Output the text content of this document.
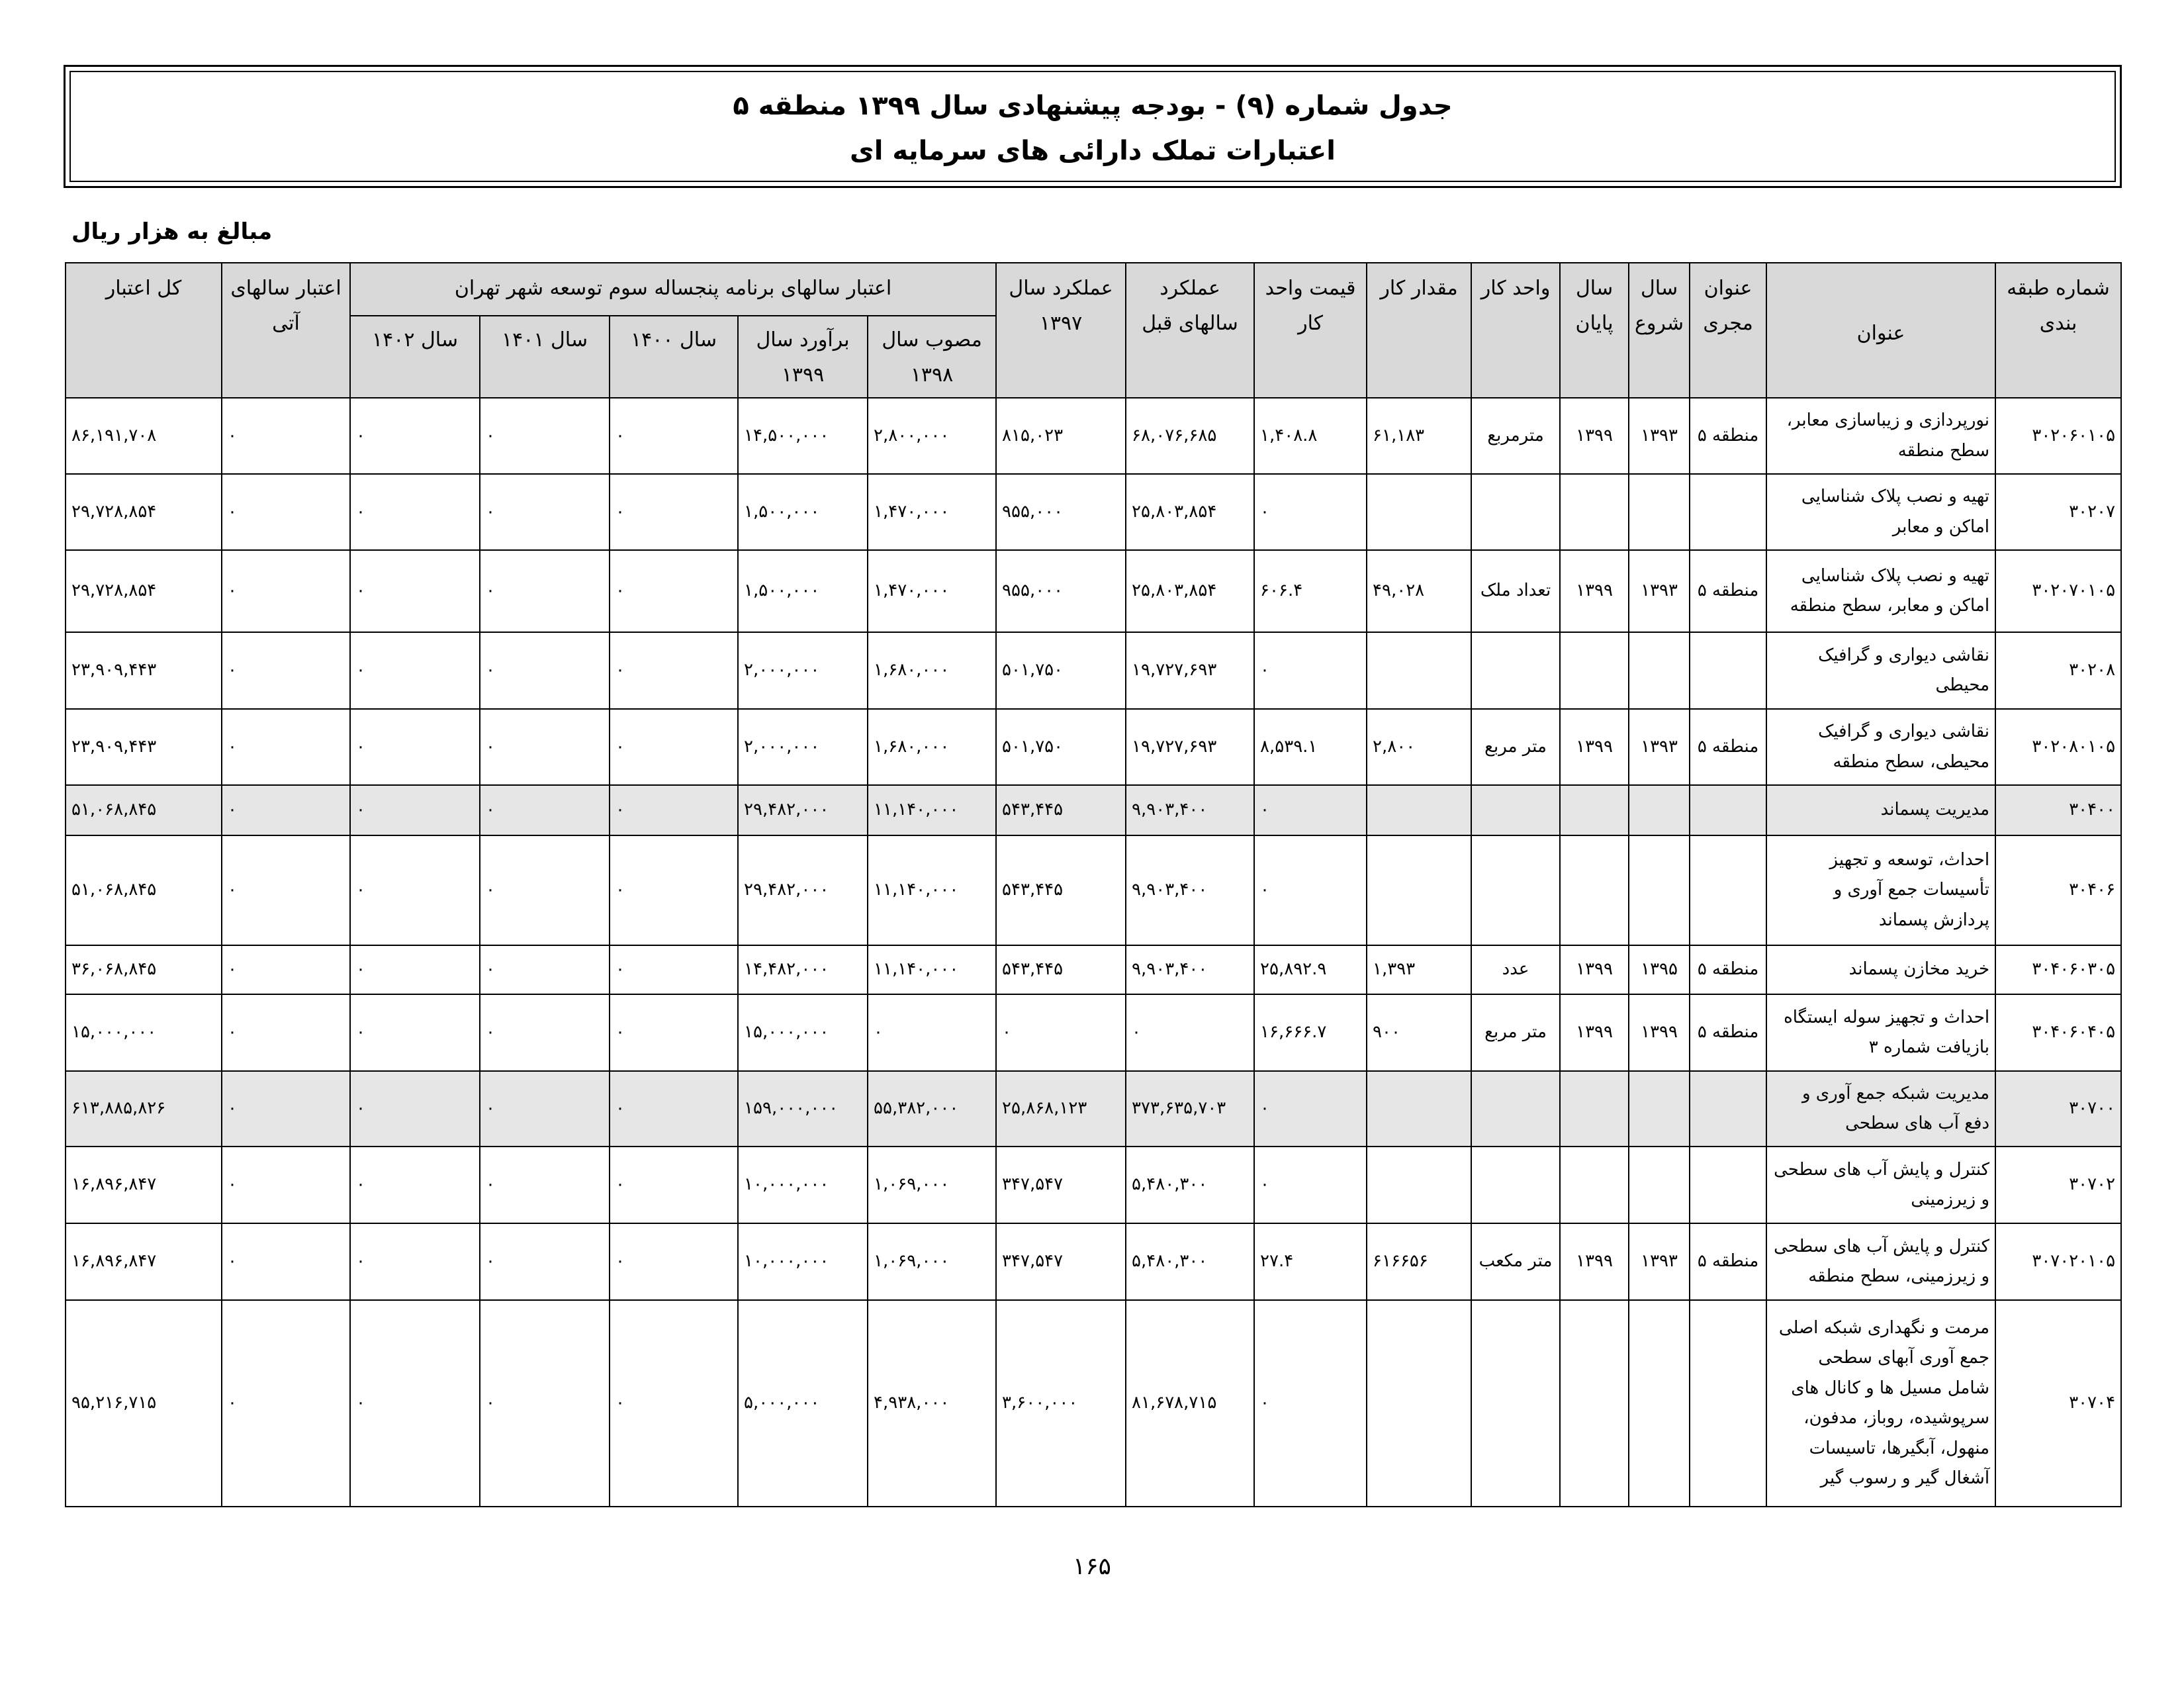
جدول شماره (۹) - بودجه پیشنهادی سال ۱۳۹۹ منطقه ۵
اعتبارات تملک دارائی های سرمایه ای
مبالغ به هزار ریال
شماره طبقه بندی	عنوان	عنوان مجری	سال شروع	سال پایان	واحد کار	مقدار کار	قیمت واحد کار	عملکرد سالهای قبل	عملکرد سال ۱۳۹۷	اعتبار سالهای برنامه پنجساله سوم توسعه شهر تهران					اعتبار سالهای آتی	کل اعتبار
										مصوب سال ۱۳۹۸	برآورد سال ۱۳۹۹	سال ۱۴۰۰	سال ۱۴۰۱	سال ۱۴۰۲		
۳۰۲۰۶۰۱۰۵	نورپردازی و زیباسازی معابر، سطح منطقه	منطقه ۵	۱۳۹۳	۱۳۹۹	مترمربع	۶۱,۱۸۳	۱,۴۰۸.۸	۶۸,۰۷۶,۶۸۵	۸۱۵,۰۲۳	۲,۸۰۰,۰۰۰	۱۴,۵۰۰,۰۰۰	۰	۰	۰	۰	۸۶,۱۹۱,۷۰۸
۳۰۲۰۷	تهیه و نصب پلاک شناسایی اماکن و معابر						۰	۲۵,۸۰۳,۸۵۴	۹۵۵,۰۰۰	۱,۴۷۰,۰۰۰	۱,۵۰۰,۰۰۰	۰	۰	۰	۰	۲۹,۷۲۸,۸۵۴
۳۰۲۰۷۰۱۰۵	تهیه و نصب پلاک شناسایی اماکن و معابر، سطح منطقه	منطقه ۵	۱۳۹۳	۱۳۹۹	تعداد ملک	۴۹,۰۲۸	۶۰۶.۴	۲۵,۸۰۳,۸۵۴	۹۵۵,۰۰۰	۱,۴۷۰,۰۰۰	۱,۵۰۰,۰۰۰	۰	۰	۰	۰	۲۹,۷۲۸,۸۵۴
۳۰۲۰۸	نقاشی دیواری و گرافیک محیطی						۰	۱۹,۷۲۷,۶۹۳	۵۰۱,۷۵۰	۱,۶۸۰,۰۰۰	۲,۰۰۰,۰۰۰	۰	۰	۰	۰	۲۳,۹۰۹,۴۴۳
۳۰۲۰۸۰۱۰۵	نقاشی دیواری و گرافیک محیطی، سطح منطقه	منطقه ۵	۱۳۹۳	۱۳۹۹	متر مربع	۲,۸۰۰	۸,۵۳۹.۱	۱۹,۷۲۷,۶۹۳	۵۰۱,۷۵۰	۱,۶۸۰,۰۰۰	۲,۰۰۰,۰۰۰	۰	۰	۰	۰	۲۳,۹۰۹,۴۴۳
۳۰۴۰۰	مدیریت پسماند						۰	۹,۹۰۳,۴۰۰	۵۴۳,۴۴۵	۱۱,۱۴۰,۰۰۰	۲۹,۴۸۲,۰۰۰	۰	۰	۰	۰	۵۱,۰۶۸,۸۴۵
۳۰۴۰۶	احداث، توسعه و تجهیز تأسیسات جمع آوری و پردازش پسماند						۰	۹,۹۰۳,۴۰۰	۵۴۳,۴۴۵	۱۱,۱۴۰,۰۰۰	۲۹,۴۸۲,۰۰۰	۰	۰	۰	۰	۵۱,۰۶۸,۸۴۵
۳۰۴۰۶۰۳۰۵	خرید مخازن پسماند	منطقه ۵	۱۳۹۵	۱۳۹۹	عدد	۱,۳۹۳	۲۵,۸۹۲.۹	۹,۹۰۳,۴۰۰	۵۴۳,۴۴۵	۱۱,۱۴۰,۰۰۰	۱۴,۴۸۲,۰۰۰	۰	۰	۰	۰	۳۶,۰۶۸,۸۴۵
۳۰۴۰۶۰۴۰۵	احداث و تجهیز سوله ایستگاه بازیافت شماره ۳	منطقه ۵	۱۳۹۹	۱۳۹۹	متر مربع	۹۰۰	۱۶,۶۶۶.۷	۰	۰	۰	۱۵,۰۰۰,۰۰۰	۰	۰	۰	۰	۱۵,۰۰۰,۰۰۰
۳۰۷۰۰	مدیریت شبکه جمع آوری و دفع آب های سطحی						۰	۳۷۳,۶۳۵,۷۰۳	۲۵,۸۶۸,۱۲۳	۵۵,۳۸۲,۰۰۰	۱۵۹,۰۰۰,۰۰۰	۰	۰	۰	۰	۶۱۳,۸۸۵,۸۲۶
۳۰۷۰۲	کنترل و پایش آب های سطحی و زیرزمینی						۰	۵,۴۸۰,۳۰۰	۳۴۷,۵۴۷	۱,۰۶۹,۰۰۰	۱۰,۰۰۰,۰۰۰	۰	۰	۰	۰	۱۶,۸۹۶,۸۴۷
۳۰۷۰۲۰۱۰۵	کنترل و پایش آب های سطحی و زیرزمینی، سطح منطقه	منطقه ۵	۱۳۹۳	۱۳۹۹	متر مکعب	۶۱۶۶۵۶	۲۷.۴	۵,۴۸۰,۳۰۰	۳۴۷,۵۴۷	۱,۰۶۹,۰۰۰	۱۰,۰۰۰,۰۰۰	۰	۰	۰	۰	۱۶,۸۹۶,۸۴۷
۳۰۷۰۴	مرمت و نگهداری شبکه اصلی جمع آوری آبهای سطحی شامل مسیل ها و کانال های سرپوشیده، روباز، مدفون، منهول، آبگیرها، تاسیسات آشغال گیر و رسوب گیر						۰	۸۱,۶۷۸,۷۱۵	۳,۶۰۰,۰۰۰	۴,۹۳۸,۰۰۰	۵,۰۰۰,۰۰۰	۰	۰	۰	۰	۹۵,۲۱۶,۷۱۵
۱۶۵
